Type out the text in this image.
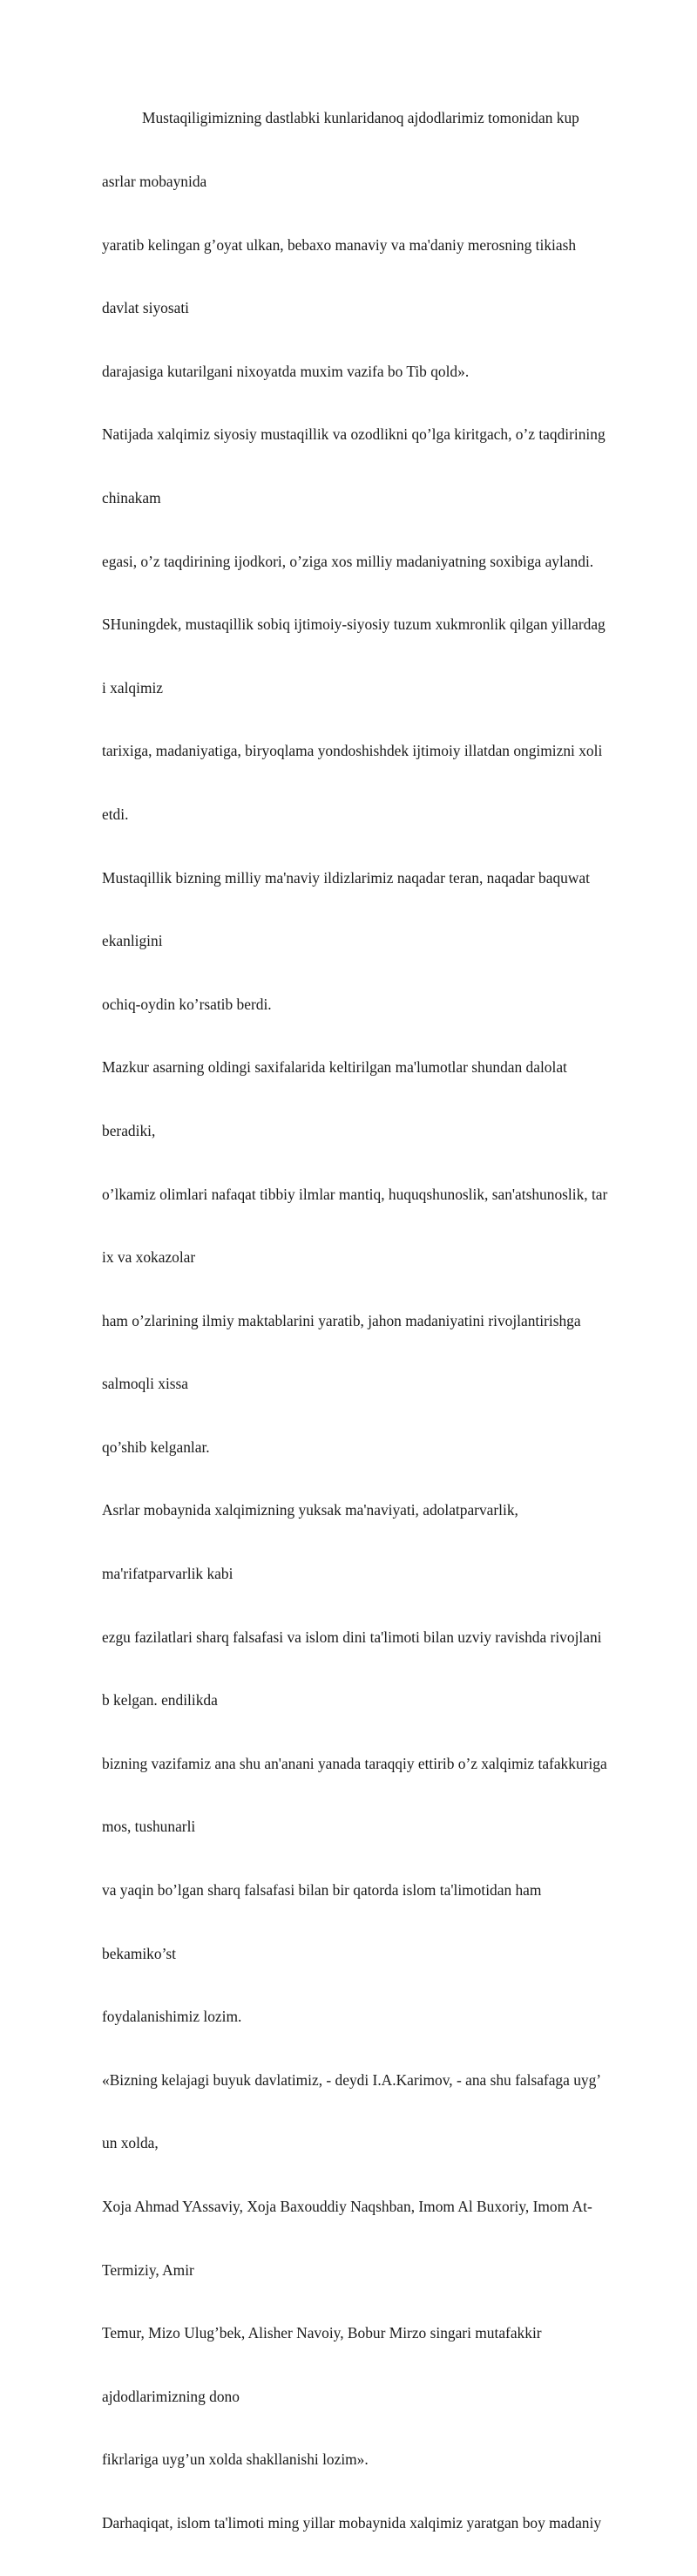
Mustaqiligimizning dastlabki kunlaridanoq ajdodlarimiz tomonidan kup

asrlar mobaynida

yaratib kelingan g’oyat ulkan, bebaxo manaviy va ma'daniy merosning tikiash

davlat siyosati

darajasiga kutarilgani nixoyatda muxim vazifa bo Tib qold».

Natijada xalqimiz siyosiy mustaqillik va ozodlikni qo’lga kiritgach, o’z taqdirining

chinakam

egasi, o’z taqdirining ijodkori, o’ziga xos milliy madaniyatning soxibiga aylandi.

SHuningdek, mustaqillik sobiq ijtimoiy-siyosiy tuzum xukmronlik qilgan yillardag

i xalqimiz

tarixiga, madaniyatiga, biryoqlama yondoshishdek ijtimoiy illatdan ongimizni xoli

etdi.

Mustaqillik bizning milliy ma'naviy ildizlarimiz naqadar teran, naqadar baquwat

ekanligini

ochiq-oydin ko’rsatib berdi.

Mazkur asarning oldingi saxifalarida keltirilgan ma'lumotlar shundan dalolat

beradiki,

o’lkamiz olimlari nafaqat tibbiy ilmlar mantiq, huquqshunoslik, san'atshunoslik, tar

ix va xokazolar

ham o’zlarining ilmiy maktablarini yaratib, jahon madaniyatini rivojlantirishga

salmoqli xissa

qo’shib kelganlar.

Asrlar mobaynida xalqimizning yuksak ma'naviyati, adolatparvarlik,

ma'rifatparvarlik kabi

ezgu fazilatlari sharq falsafasi va islom dini ta'limoti bilan uzviy ravishda rivojlani

b kelgan. endilikda

bizning vazifamiz ana shu an'anani yanada taraqqiy ettirib o’z xalqimiz tafakkuriga

mos, tushunarli

va yaqin bo’lgan sharq falsafasi bilan bir qatorda islom ta'limotidan ham

bekamiko’st

foydalanishimiz lozim.

«Bizning kelajagi buyuk davlatimiz, - deydi I.A.Karimov, - ana shu falsafaga uyg’

un xolda,

Xoja Ahmad YAssaviy, Xoja Baxouddiy Naqshban, Imom Al Buxoriy, Imom At-

Termiziy, Amir

Temur, Mizo Ulug’bek, Alisher Navoiy, Bobur Mirzo singari mutafakkir

ajdodlarimizning dono

fikrlariga uyg’un xolda shakllanishi lozim».

Darhaqiqat, islom ta'limoti ming yillar mobaynida xalqimiz yaratgan boy madaniy
